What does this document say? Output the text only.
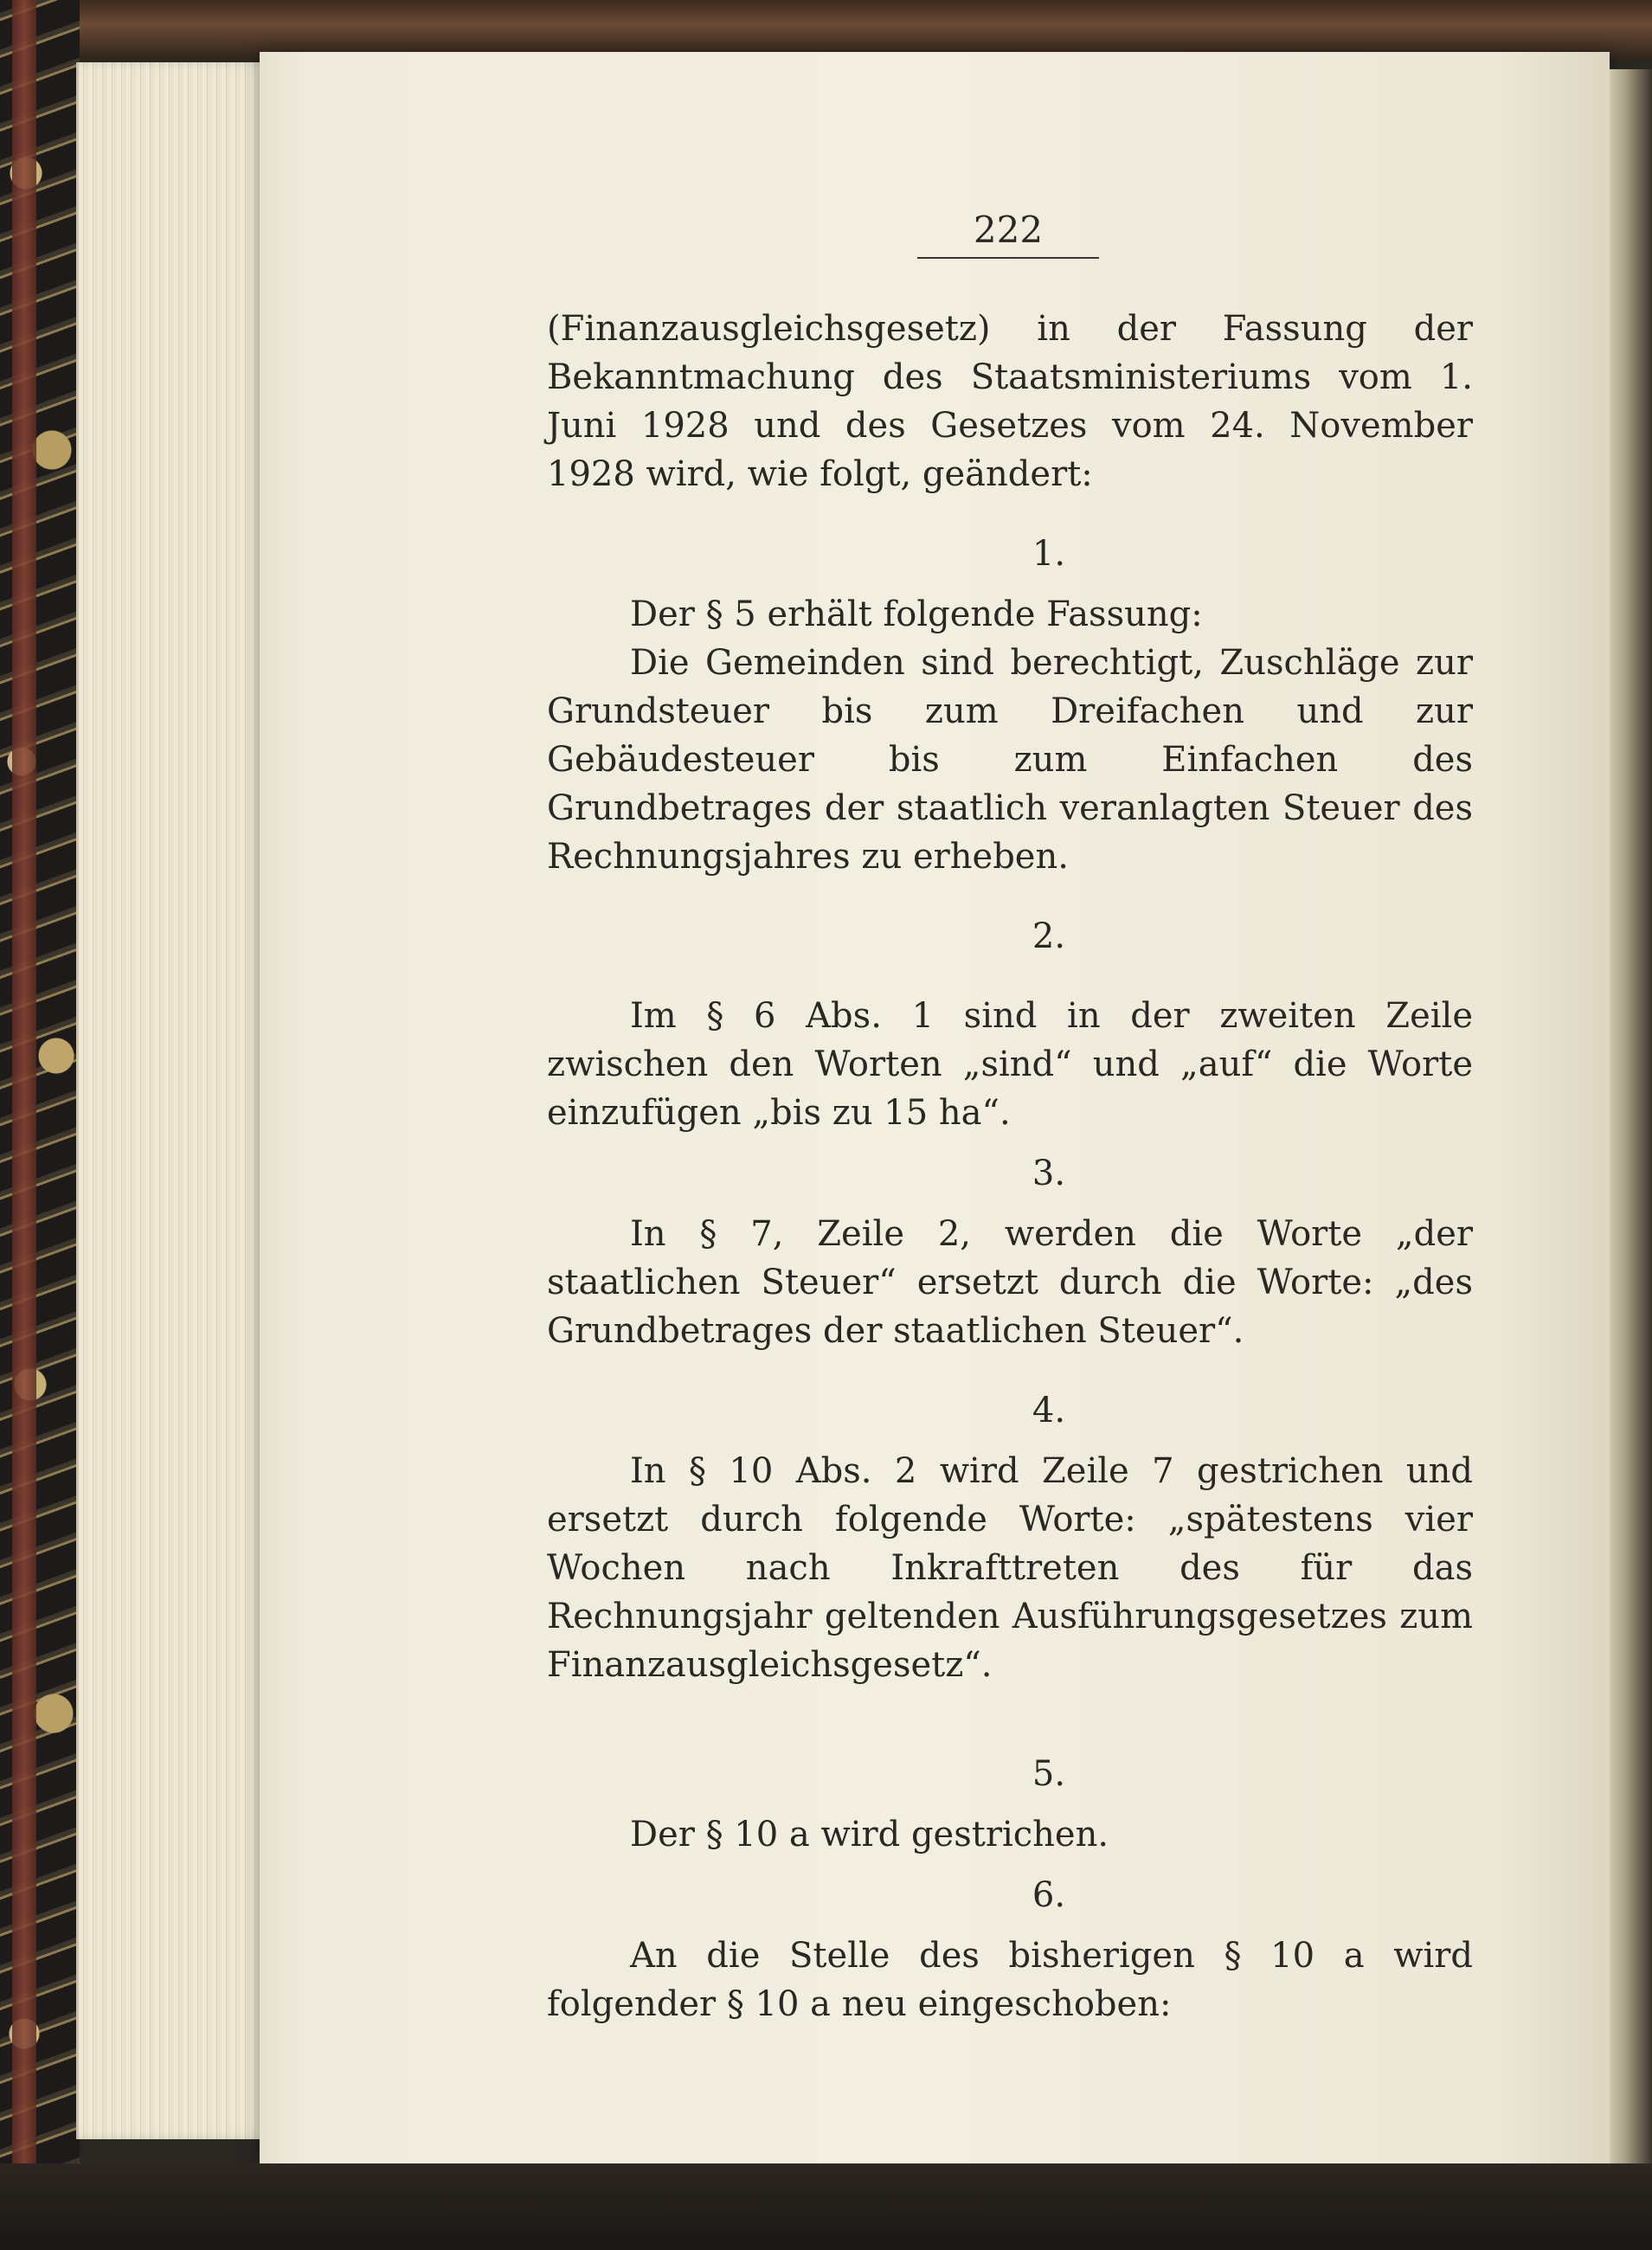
222

(Finanzausgleichsgesetz) in der Fassung der Bekanntmachung des Staatsministeriums vom 1. Juni 1928 und des Gesetzes vom 24. November 1928 wird, wie folgt, geändert:

1.

Der § 5 erhält folgende Fassung:

Die Gemeinden sind berechtigt, Zuschläge zur Grundsteuer bis zum Dreifachen und zur Gebäudesteuer bis zum Einfachen des Grundbetrages der staatlich veranlagten Steuer des Rechnungsjahres zu erheben.

2.

Im § 6 Abs. 1 sind in der zweiten Zeile zwischen den Worten „sind“ und „auf“ die Worte einzufügen „bis zu 15 ha“.

3.

In § 7, Zeile 2, werden die Worte „der staatlichen Steuer“ ersetzt durch die Worte: „des Grundbetrages der staatlichen Steuer“.

4.

In § 10 Abs. 2 wird Zeile 7 gestrichen und ersetzt durch folgende Worte: „spätestens vier Wochen nach Inkrafttreten des für das Rechnungsjahr geltenden Ausführungsgesetzes zum Finanzausgleichsgesetz“.

5.

Der § 10 a wird gestrichen.

6.

An die Stelle des bisherigen § 10 a wird folgender § 10 a neu eingeschoben:
